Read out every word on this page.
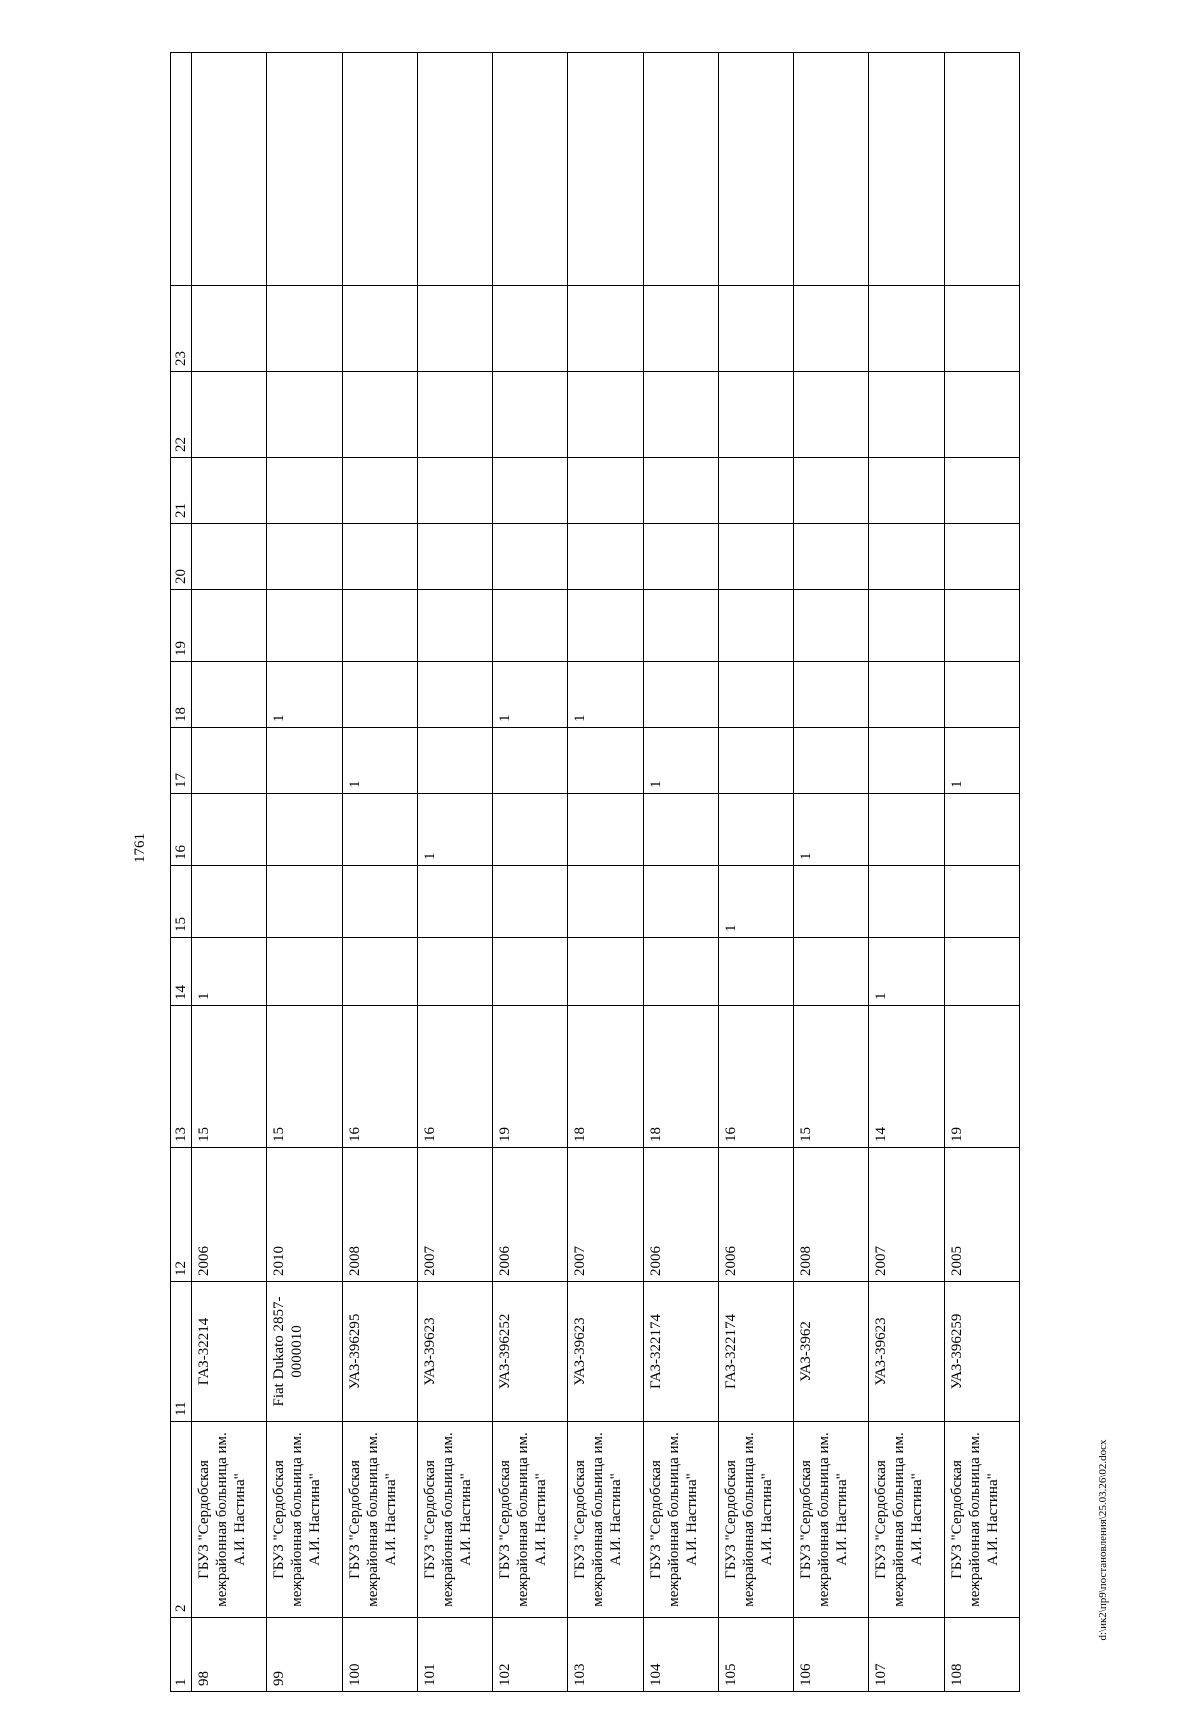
1761
1	2	11	12	13	14	15	16	17	18	19	20	21	22	23	
98	ГБУЗ "Сердобская межрайонная больница им. А.И. Настина"	ГАЗ-32214	2006	15	1										
99	ГБУЗ "Сердобская межрайонная больница им. А.И. Настина"	Fiat Dukato 2857-0000010	2010	15					1						
100	ГБУЗ "Сердобская межрайонная больница им. А.И. Настина"	УАЗ-396295	2008	16				1							
101	ГБУЗ "Сердобская межрайонная больница им. А.И. Настина"	УАЗ-39623	2007	16			1								
102	ГБУЗ "Сердобская межрайонная больница им. А.И. Настина"	УАЗ-396252	2006	19					1						
103	ГБУЗ "Сердобская межрайонная больница им. А.И. Настина"	УАЗ-39623	2007	18					1						
104	ГБУЗ "Сердобская межрайонная больница им. А.И. Настина"	ГАЗ-322174	2006	18				1							
105	ГБУЗ "Сердобская межрайонная больница им. А.И. Настина"	ГАЗ-322174	2006	16		1									
106	ГБУЗ "Сердобская межрайонная больница им. А.И. Настина"	УАЗ-3962	2008	15			1								
107	ГБУЗ "Сердобская межрайонная больница им. А.И. Настина"	УАЗ-39623	2007	14	1										
108	ГБУЗ "Сердобская межрайонная больница им. А.И. Настина"	УАЗ-396259	2005	19				1							
d:\ик2\пр9\постановления\25.03.26\02.docx
